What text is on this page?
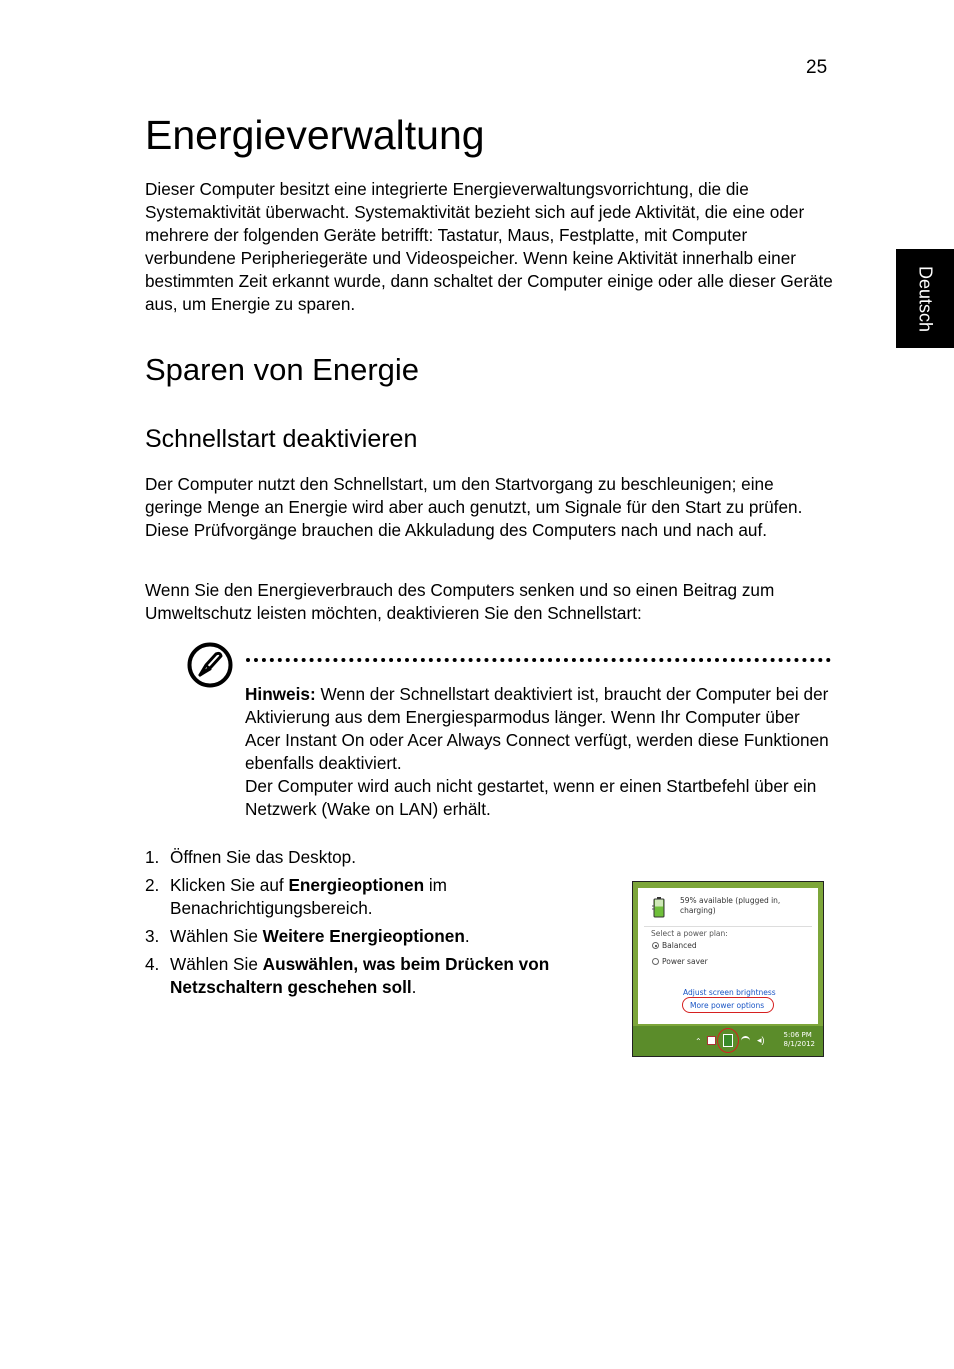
25
Deutsch
Energieverwaltung

Dieser Computer besitzt eine integrierte Energieverwaltungsvorrichtung, die die Systemaktivität überwacht. Systemaktivität bezieht sich auf jede Aktivität, die eine oder mehrere der folgenden Geräte betrifft: Tastatur, Maus, Festplatte, mit Computer verbundene Peripheriegeräte und Videospeicher. Wenn keine Aktivität innerhalb einer bestimmten Zeit erkannt wurde, dann schaltet der Computer einige oder alle dieser Geräte aus, um Energie zu sparen.

Sparen von Energie
Schnellstart deaktivieren

Der Computer nutzt den Schnellstart, um den Startvorgang zu beschleunigen; eine geringe Menge an Energie wird aber auch genutzt, um Signale für den Start zu prüfen. Diese Prüfvorgänge brauchen die Akkuladung des Computers nach und nach auf.

Wenn Sie den Energieverbrauch des Computers senken und so einen Beitrag zum Umweltschutz leisten möchten, deaktivieren Sie den Schnellstart:

Hinweis: Wenn der Schnellstart deaktiviert ist, braucht der Computer bei der Aktivierung aus dem Energiesparmodus länger. Wenn Ihr Computer über Acer Instant On oder Acer Always Connect verfügt, werden diese Funktionen ebenfalls deaktiviert.
Der Computer wird auch nicht gestartet, wenn er einen Startbefehl über ein Netzwerk (Wake on LAN) erhält.
1. Öffnen Sie das Desktop.
2. Klicken Sie auf Energieoptionen im Benachrichtigungsbereich.
3. Wählen Sie Weitere Energieoptionen.
4. Wählen Sie Auswählen, was beim Drücken von Netzschaltern geschehen soll.
59% available (plugged in,
charging)
Select a power plan:
Balanced
Power saver
Adjust screen brightness
More power options
⌃	◂)	5:06 PM
8/1/2012
